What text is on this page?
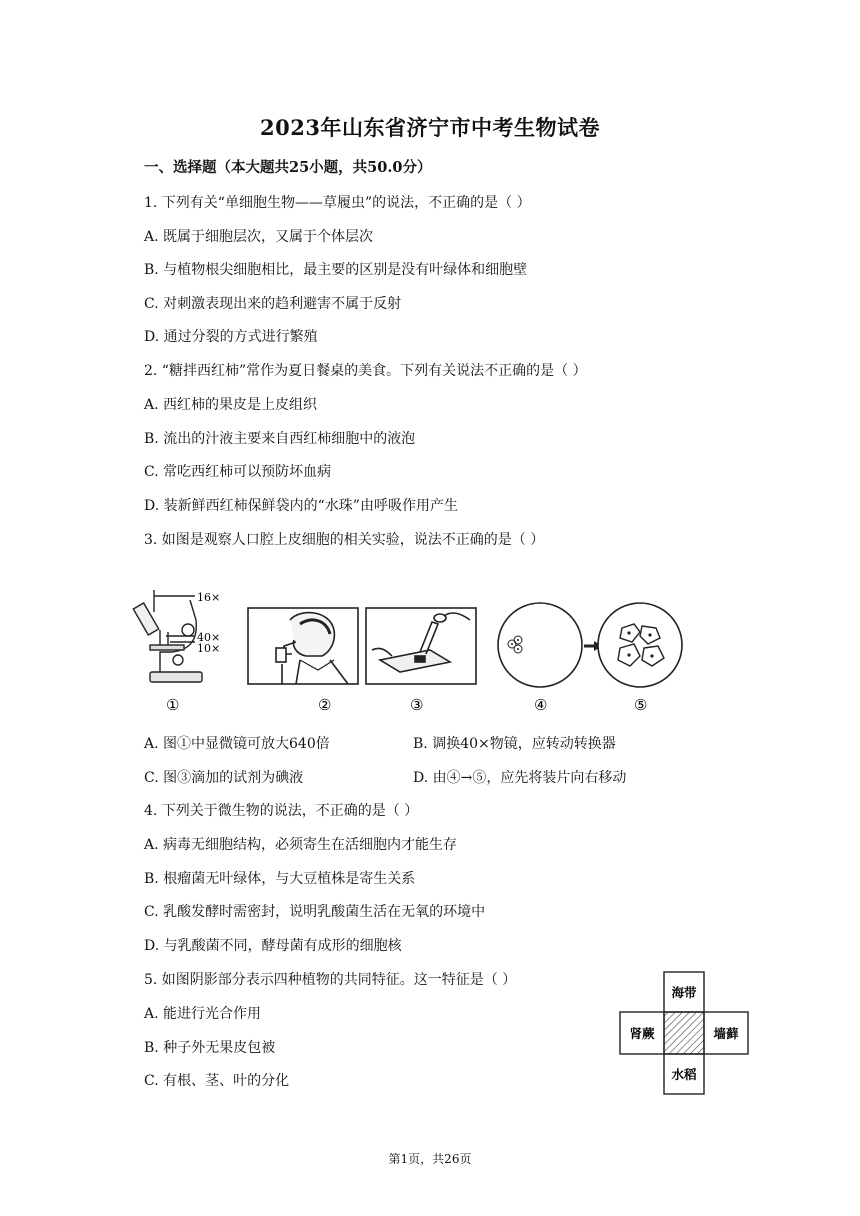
2023年山东省济宁市中考生物试卷
一、选择题（本大题共25小题，共50.0分）
1. 下列有关“单细胞生物——草履虫”的说法，不正确的是（ ）
A. 既属于细胞层次，又属于个体层次
B. 与植物根尖细胞相比，最主要的区别是没有叶绿体和细胞壁
C. 对刺激表现出来的趋利避害不属于反射
D. 通过分裂的方式进行繁殖
2. “糖拌西红柿”常作为夏日餐桌的美食。下列有关说法不正确的是（ ）
A. 西红柿的果皮是上皮组织
B. 流出的汁液主要来自西红柿细胞中的液泡
C. 常吃西红柿可以预防坏血病
D. 装新鲜西红柿保鲜袋内的“水珠”由呼吸作用产生
3. 如图是观察人口腔上皮细胞的相关实验，说法不正确的是（ ）
16×
40×
10×
①	②	③	④	⑤
A. 图①中显微镜可放大640倍	B. 调换40×物镜，应转动转换器
C. 图③滴加的试剂为碘液	D. 由④→⑤，应先将装片向右移动
4. 下列关于微生物的说法，不正确的是（ ）
A. 病毒无细胞结构，必须寄生在活细胞内才能生存
B. 根瘤菌无叶绿体，与大豆植株是寄生关系
C. 乳酸发酵时需密封，说明乳酸菌生活在无氧的环境中
D. 与乳酸菌不同，酵母菌有成形的细胞核
5. 如图阴影部分表示四种植物的共同特征。这一特征是（ ）
A. 能进行光合作用
B. 种子外无果皮包被
C. 有根、茎、叶的分化
海带
肾蕨	墙藓
水稻
第1页，共26页
